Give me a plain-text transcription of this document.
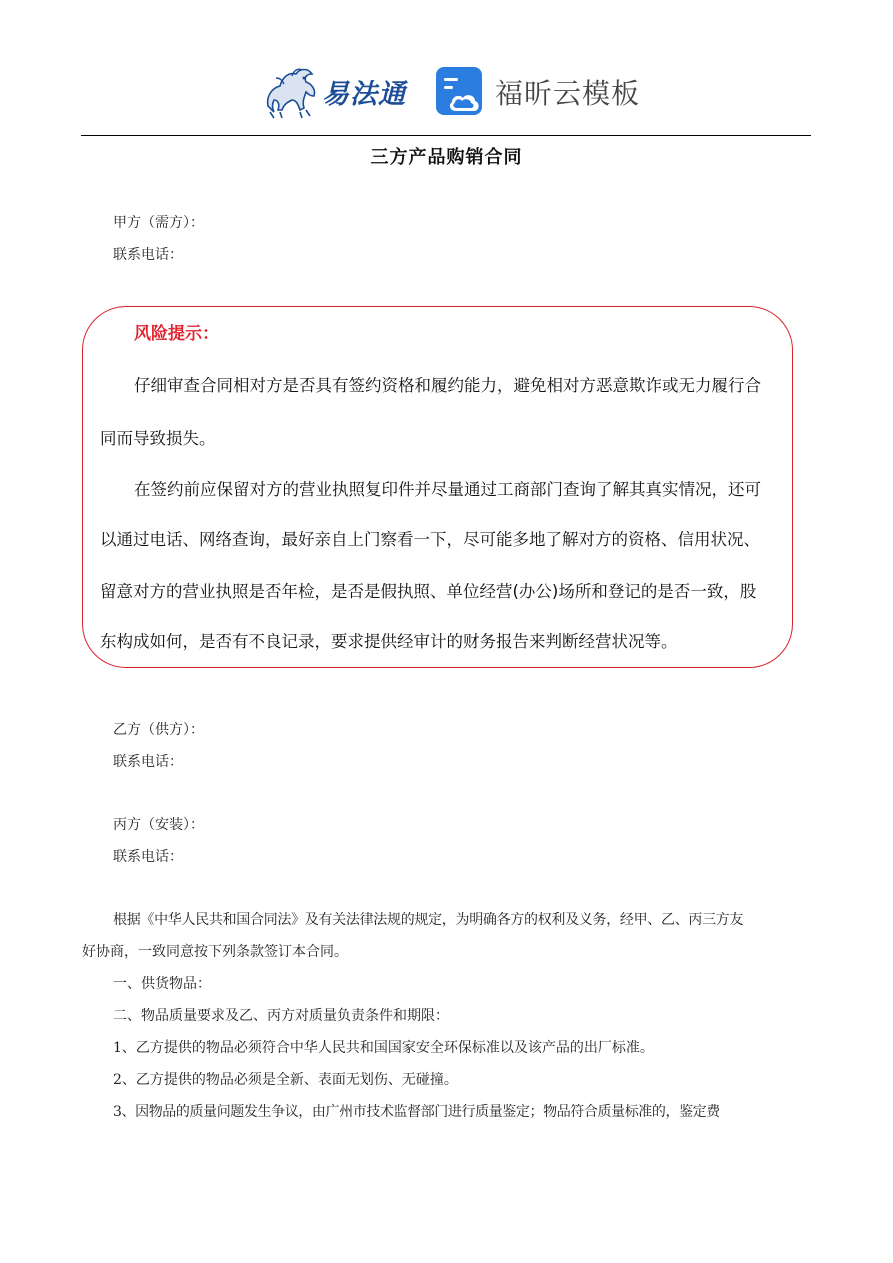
易法通	福昕云模板
三方产品购销合同
甲方（需方）：
联系电话：
风险提示：
仔细审查合同相对方是否具有签约资格和履约能力，避免相对方恶意欺诈或无力履行合
同而导致损失。
在签约前应保留对方的营业执照复印件并尽量通过工商部门查询了解其真实情况，还可
以通过电话、网络查询，最好亲自上门察看一下，尽可能多地了解对方的资格、信用状况、
留意对方的营业执照是否年检，是否是假执照、单位经营(办公)场所和登记的是否一致，股
东构成如何，是否有不良记录，要求提供经审计的财务报告来判断经营状况等。
乙方（供方）：
联系电话：
丙方（安装）：
联系电话：
根据《中华人民共和国合同法》及有关法律法规的规定，为明确各方的权利及义务，经甲、乙、丙三方友
好协商，一致同意按下列条款签订本合同。
一、供货物品：
二、物品质量要求及乙、丙方对质量负责条件和期限：
1、乙方提供的物品必须符合中华人民共和国国家安全环保标准以及该产品的出厂标准。
2、乙方提供的物品必须是全新、表面无划伤、无碰撞。
3、因物品的质量问题发生争议，由广州市技术监督部门进行质量鉴定；物品符合质量标准的，鉴定费
